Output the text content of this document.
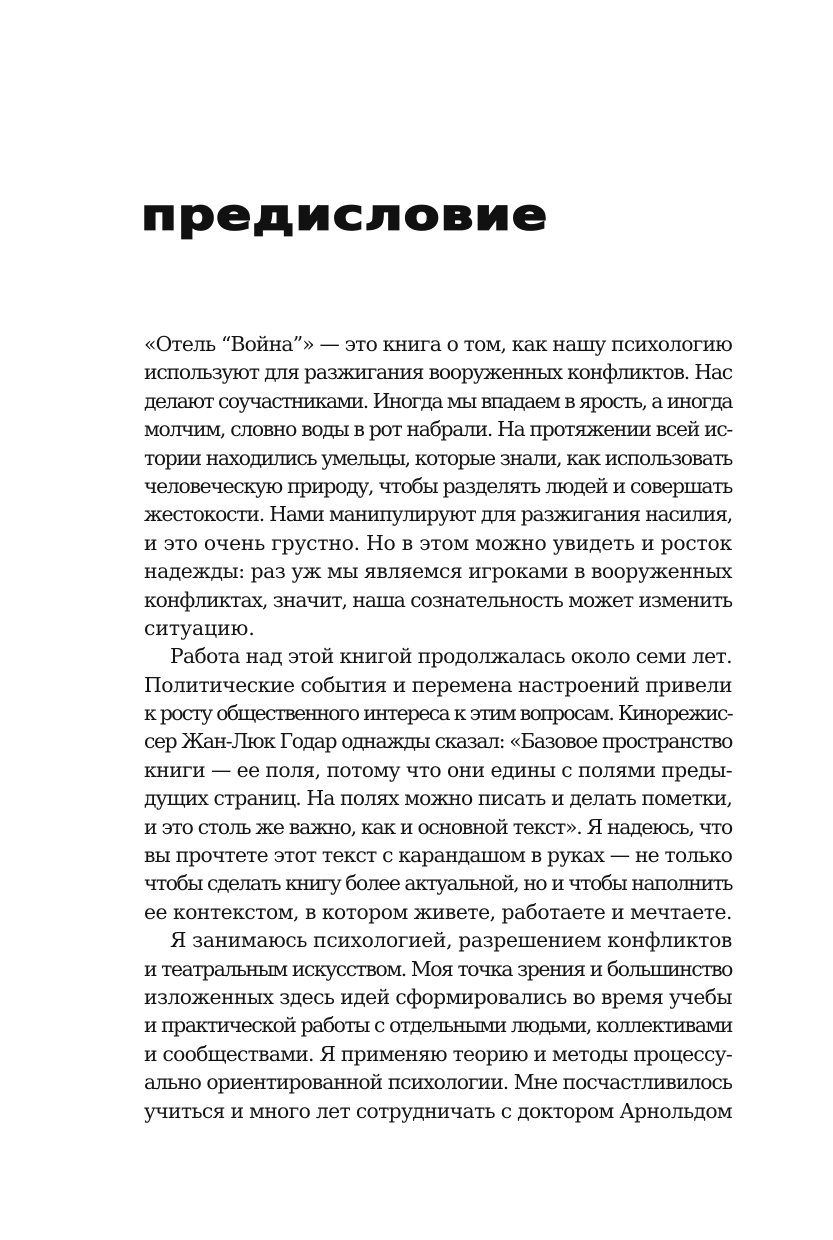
предисловие
«Отель “Война”» — это книга о том, как нашу психологию
используют для разжигания вооруженных конфликтов. Нас
делают соучастниками. Иногда мы впадаем в ярость, а иногда
молчим, словно воды в рот набрали. На протяжении всей ис-
тории находились умельцы, которые знали, как использовать
человеческую природу, чтобы разделять людей и совершать
жестокости. Нами манипулируют для разжигания насилия,
и это очень грустно. Но в этом можно увидеть и росток
надежды: раз уж мы являемся игроками в вооруженных
конфликтах, значит, наша сознательность может изменить
ситуацию.
Работа над этой книгой продолжалась около семи лет.
Политические события и перемена настроений привели
к росту общественного интереса к этим вопросам. Кинорежис-
сер Жан-Люк Годар однажды сказал: «Базовое пространство
книги — ее поля, потому что они едины с полями преды-
дущих страниц. На полях можно писать и делать пометки,
и это столь же важно, как и основной текст». Я надеюсь, что
вы прочтете этот текст с карандашом в руках — не только
чтобы сделать книгу более актуальной, но и чтобы наполнить
ее контекстом, в котором живете, работаете и мечтаете.
Я занимаюсь психологией, разрешением конфликтов
и театральным искусством. Моя точка зрения и большинство
изложенных здесь идей сформировались во время учебы
и практической работы с отдельными людьми, коллективами
и сообществами. Я применяю теорию и методы процессу-
ально ориентированной психологии. Мне посчастливилось
учиться и много лет сотрудничать с доктором Арнольдом
